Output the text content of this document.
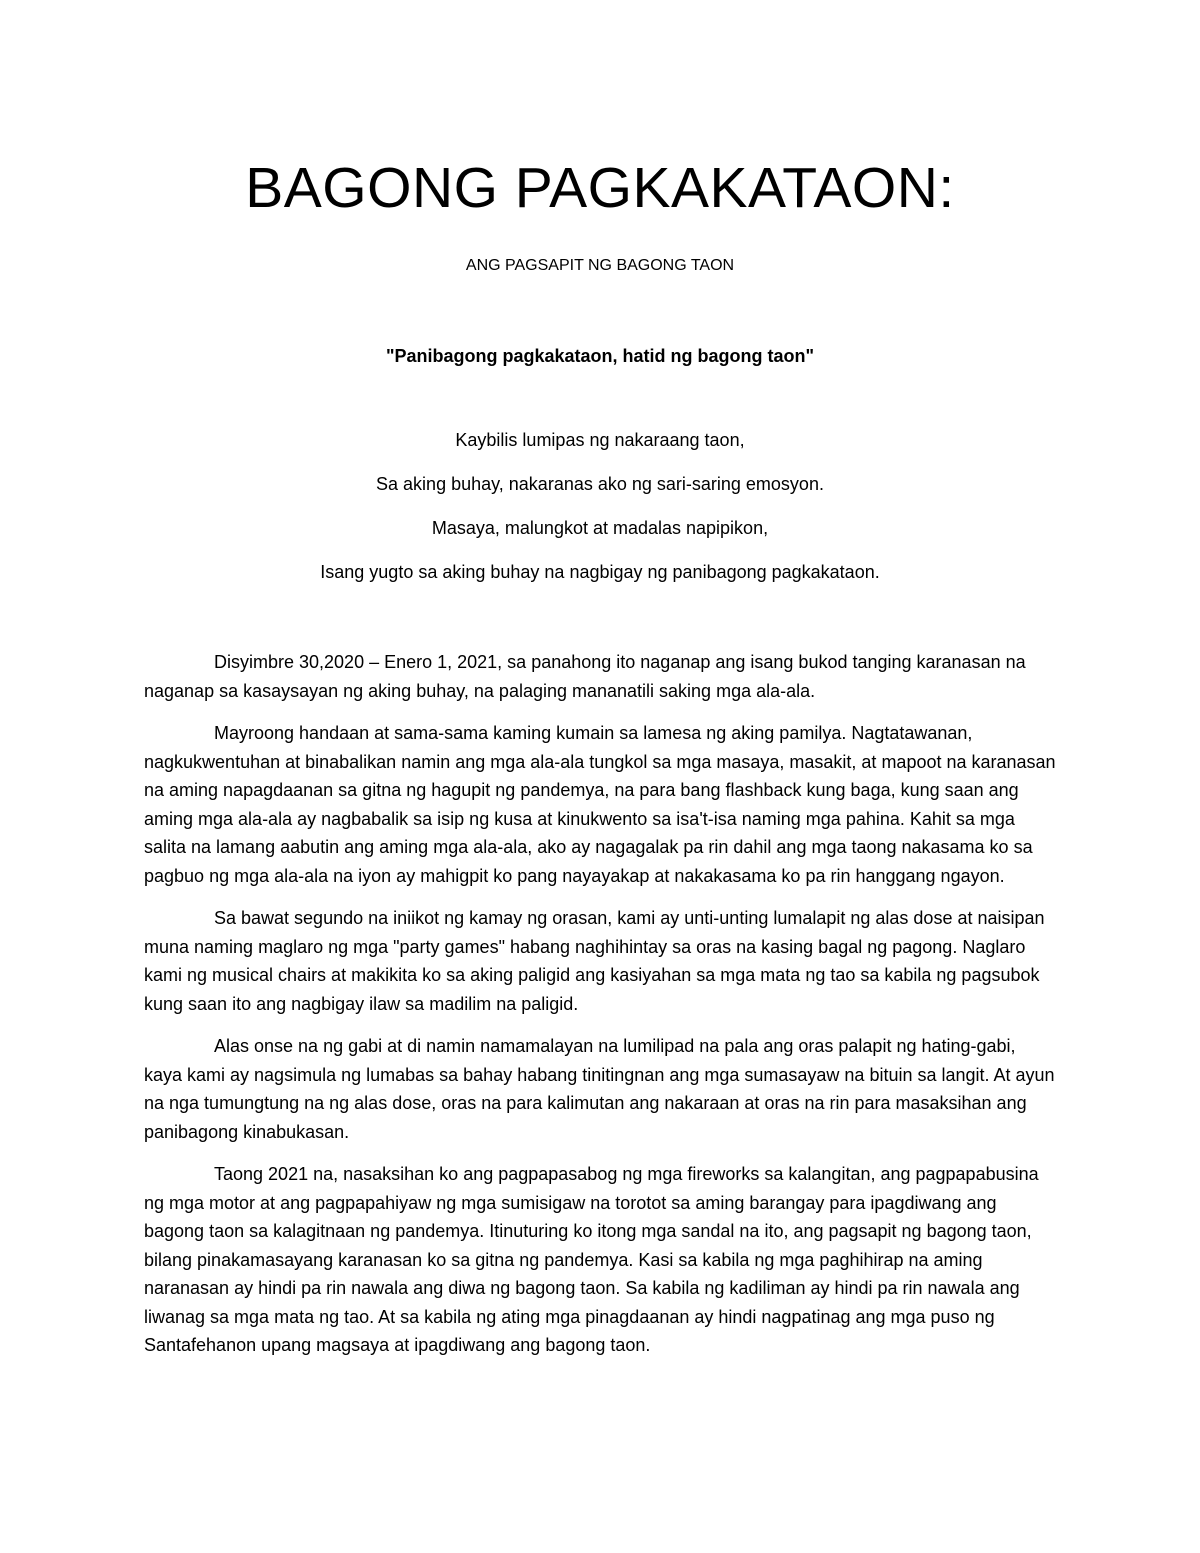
BAGONG PAGKAKATAON:

ANG PAGSAPIT NG BAGONG TAON

"Panibagong pagkakataon, hatid ng bagong taon"

Kaybilis lumipas ng nakaraang taon,

Sa aking buhay, nakaranas ako ng sari-saring emosyon.

Masaya, malungkot at madalas napipikon,

Isang yugto sa aking buhay na nagbigay ng panibagong pagkakataon.

Disyimbre 30,2020 – Enero 1, 2021, sa panahong ito naganap ang isang bukod tanging karanasan na naganap sa kasaysayan ng aking buhay, na palaging mananatili saking mga ala-ala.

Mayroong handaan at sama-sama kaming kumain sa lamesa ng aking pamilya. Nagtatawanan, nagkukwentuhan at binabalikan namin ang mga ala-ala tungkol sa mga masaya, masakit, at mapoot na karanasan na aming napagdaanan sa gitna ng hagupit ng pandemya, na para bang flashback kung baga, kung saan ang aming mga ala-ala ay nagbabalik sa isip ng kusa at kinukwento sa isa't-isa naming mga pahina. Kahit sa mga salita na lamang aabutin ang aming mga ala-ala, ako ay nagagalak pa rin dahil ang mga taong nakasama ko sa pagbuo ng mga ala-ala na iyon ay mahigpit ko pang nayayakap at nakakasama ko pa rin hanggang ngayon.

Sa bawat segundo na iniikot ng kamay ng orasan, kami ay unti-unting lumalapit ng alas dose at naisipan muna naming maglaro ng mga "party games" habang naghihintay sa oras na kasing bagal ng pagong. Naglaro kami ng musical chairs at makikita ko sa aking paligid ang kasiyahan sa mga mata ng tao sa kabila ng pagsubok kung saan ito ang nagbigay ilaw sa madilim na paligid.

Alas onse na ng gabi at di namin namamalayan na lumilipad na pala ang oras palapit ng hating-gabi, kaya kami ay nagsimula ng lumabas sa bahay habang tinitingnan ang mga sumasayaw na bituin sa langit. At ayun na nga tumungtung na ng alas dose, oras na para kalimutan ang nakaraan at oras na rin para masaksihan ang panibagong kinabukasan.

Taong 2021 na, nasaksihan ko ang pagpapasabog ng mga fireworks sa kalangitan, ang pagpapabusina ng mga motor at ang pagpapahiyaw ng mga sumisigaw na torotot sa aming barangay para ipagdiwang ang bagong taon sa kalagitnaan ng pandemya. Itinuturing ko itong mga sandal na ito, ang pagsapit ng bagong taon, bilang pinakamasayang karanasan ko sa gitna ng pandemya. Kasi sa kabila ng mga paghihirap na aming naranasan ay hindi pa rin nawala ang diwa ng bagong taon. Sa kabila ng kadiliman ay hindi pa rin nawala ang liwanag sa mga mata ng tao. At sa kabila ng ating mga pinagdaanan ay hindi nagpatinag ang mga puso ng Santafehanon upang magsaya at ipagdiwang ang bagong taon.
